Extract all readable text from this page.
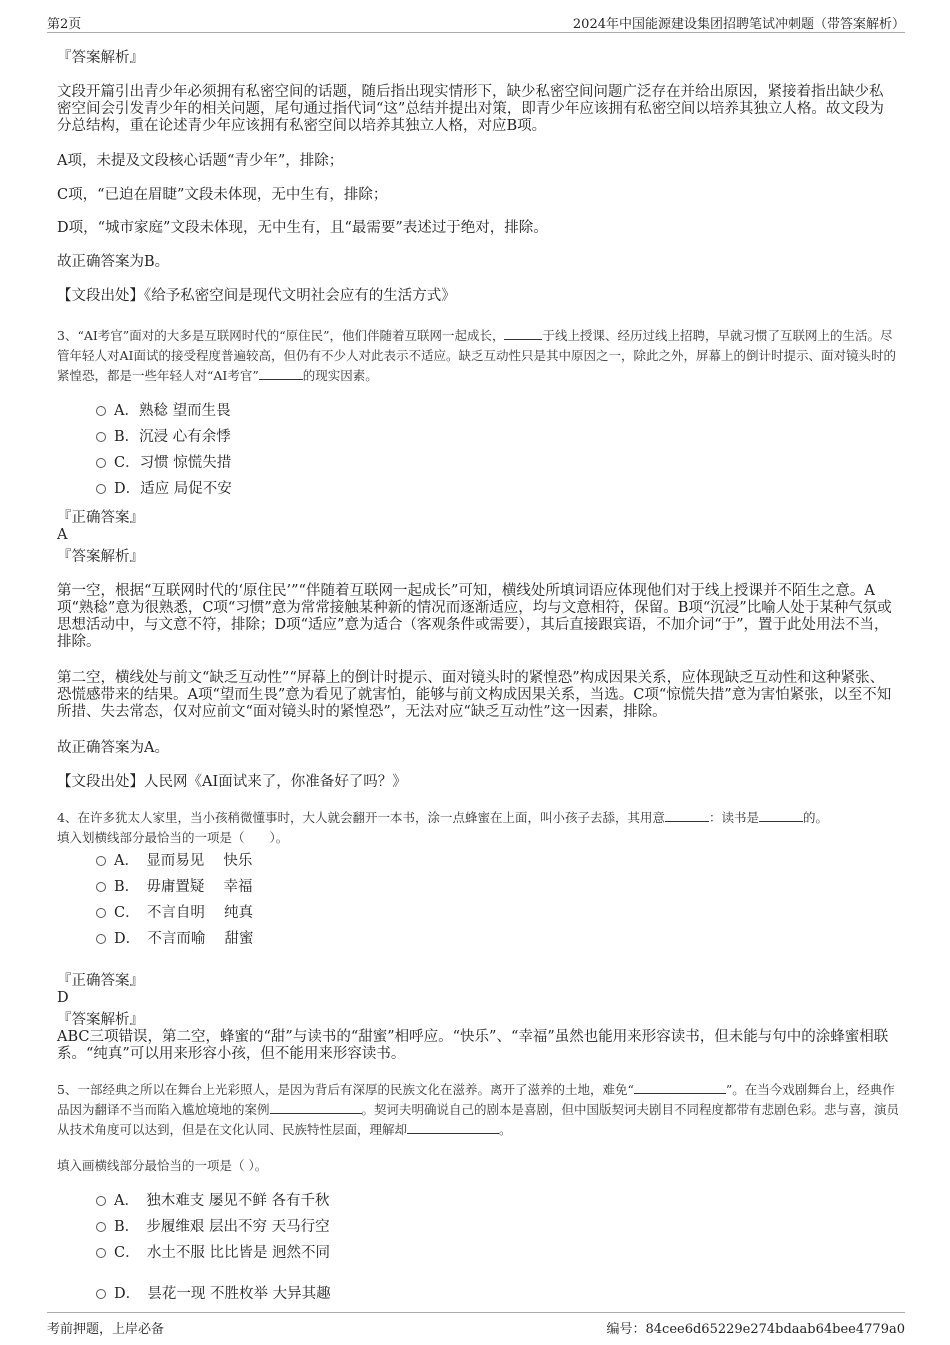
第2页	2024年中国能源建设集团招聘笔试冲刺题（带答案解析）
『答案解析』
文段开篇引出青少年必须拥有私密空间的话题，随后指出现实情形下，缺少私密空间问题广泛存在并给出原因，紧接着指出缺少私密空间会引发青少年的相关问题，尾句通过指代词“这”总结并提出对策，即青少年应该拥有私密空间以培养其独立人格。故文段为分总结构，重在论述青少年应该拥有私密空间以培养其独立人格，对应B项。
A项，未提及文段核心话题“青少年”，排除；
C项，“已迫在眉睫”文段未体现，无中生有，排除；
D项，“城市家庭”文段未体现，无中生有，且“最需要”表述过于绝对，排除。
故正确答案为B。
【文段出处】《给予私密空间是现代文明社会应有的生活方式》
3、“AI考官”面对的大多是互联网时代的“原住民”，他们伴随着互联网一起成长，	于线上授课、经历过线上招聘，早就习惯了互联网上的生活。尽管年轻人对AI面试的接受程度普遍较高，但仍有不少人对此表示不适应。缺乏互动性只是其中原因之一，除此之外，屏幕上的倒计时提示、面对镜头时的紧惶恐，都是一些年轻人对“AI考官”	的现实因素。
A．熟稔 望而生畏
B．沉浸 心有余悸
C．习惯 惊慌失措
D．适应 局促不安
『正确答案』
A
『答案解析』
第一空，根据“互联网时代的‘原住民’”“伴随着互联网一起成长”可知，横线处所填词语应体现他们对于线上授课并不陌生之意。A项“熟稔”意为很熟悉，C项“习惯”意为常常接触某种新的情况而逐渐适应，均与文意相符，保留。B项“沉浸”比喻人处于某种气氛或思想活动中，与文意不符，排除；D项“适应”意为适合（客观条件或需要），其后直接跟宾语，不加介词“于”，置于此处用法不当，排除。
第二空，横线处与前文“缺乏互动性”“屏幕上的倒计时提示、面对镜头时的紧惶恐”构成因果关系，应体现缺乏互动性和这种紧张、恐慌感带来的结果。A项“望而生畏”意为看见了就害怕，能够与前文构成因果关系，当选。C项“惊慌失措”意为害怕紧张，以至不知所措、失去常态，仅对应前文“面对镜头时的紧惶恐”，无法对应“缺乏互动性”这一因素，排除。
故正确答案为A。
【文段出处】人民网《AI面试来了，你准备好了吗？》
4、在许多犹太人家里，当小孩稍微懂事时，大人就会翻开一本书，涂一点蜂蜜在上面，叫小孩子去舔，其用意	：读书是	的。
填入划横线部分最恰当的一项是（　　）。
A．　显而易见　 快乐
B．　毋庸置疑　 幸福
C．　不言自明　 纯真
D．　不言而喻　 甜蜜
『正确答案』
D
『答案解析』
ABC三项错误，第二空，蜂蜜的“甜”与读书的“甜蜜”相呼应。“快乐”、“幸福”虽然也能用来形容读书，但未能与句中的涂蜂蜜相联系。“纯真”可以用来形容小孩，但不能用来形容读书。
5、一部经典之所以在舞台上光彩照人，是因为背后有深厚的民族文化在滋养。离开了滋养的土地，难免“	”。在当今戏剧舞台上，经典作品因为翻译不当而陷入尴尬境地的案例	。契诃夫明确说自己的剧本是喜剧，但中国版契诃夫剧目不同程度都带有悲剧色彩。悲与喜，演员从技术角度可以达到，但是在文化认同、民族特性层面，理解却	。
填入画横线部分最恰当的一项是（ ）。
A．　独木难支 屡见不鲜 各有千秋
B．　步履维艰 层出不穷 天马行空
C．　水土不服 比比皆是 迥然不同
D．　昙花一现 不胜枚举 大异其趣
考前押题，上岸必备	编号：84cee6d65229e274bdaab64bee4779a0
